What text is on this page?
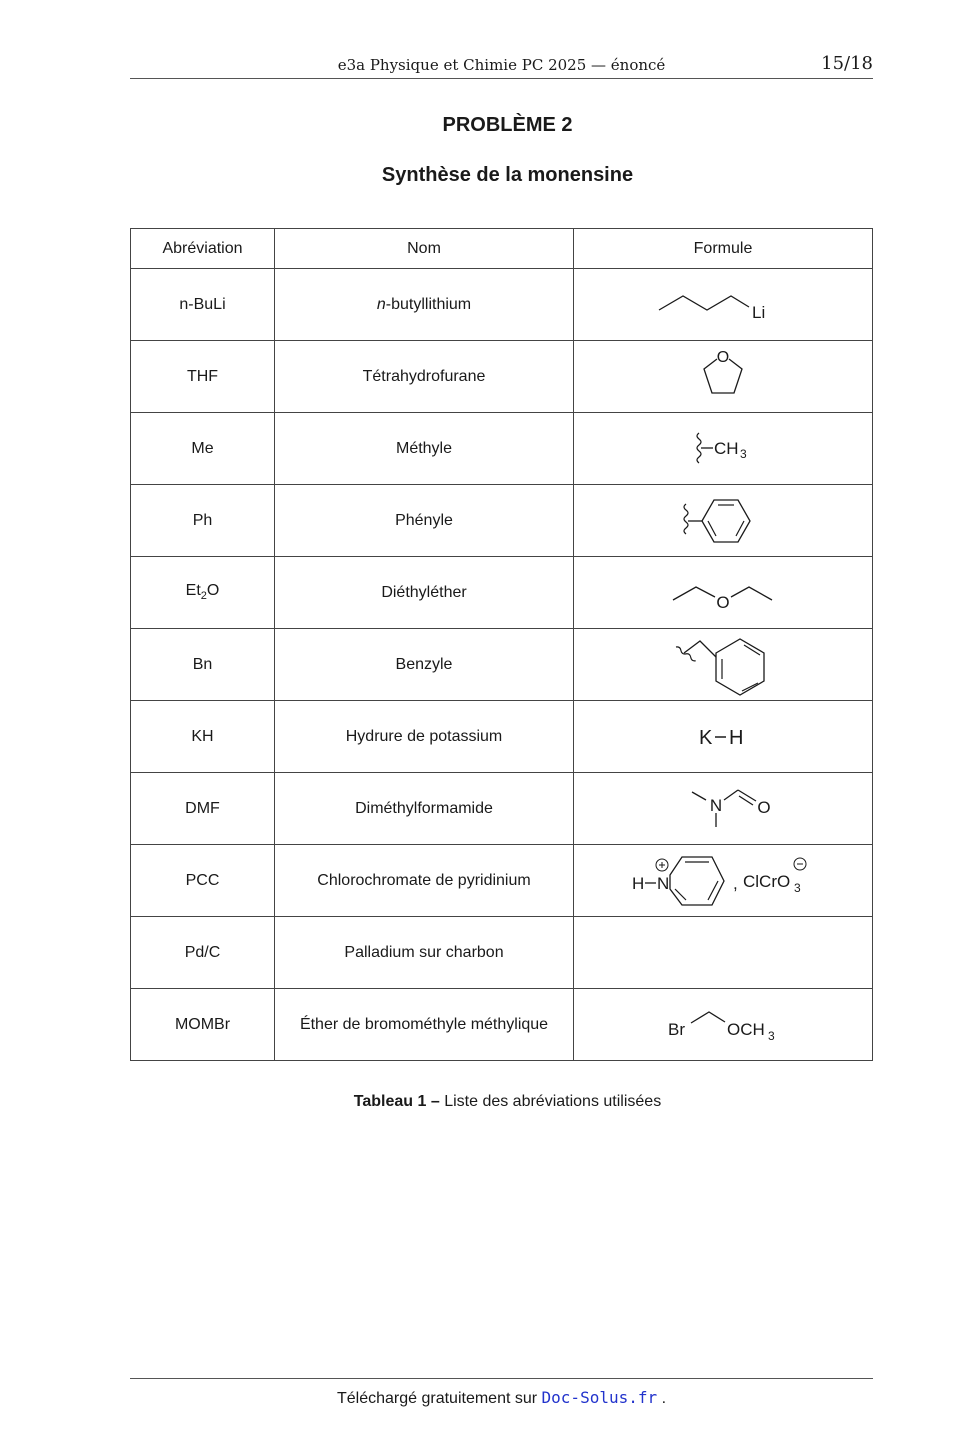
e3a Physique et Chimie PC 2025 — énoncé	15/18
PROBLÈME 2
Synthèse de la monensine
Abréviation	Nom	Formule
n-BuLi	n-butyllithium	Li

THF	Tétrahydrofurane	O

Me	Méthyle	CH 3

Ph	Phényle	

$Et_2O$	Diéthyléther	O

Bn	Benzyle	

KH	Hydrure de potassium	K H

DMF	Diméthylformamide	N O

PCC	Chlorochromate de pyridinium	H N , ClCrO 3

Pd/C	Palladium sur charbon	
MOMBr	Éther de bromométhyle méthylique	Br OCH 3
Tableau 1 – Liste des abréviations utilisées
Téléchargé gratuitement sur Doc-Solus.fr .
